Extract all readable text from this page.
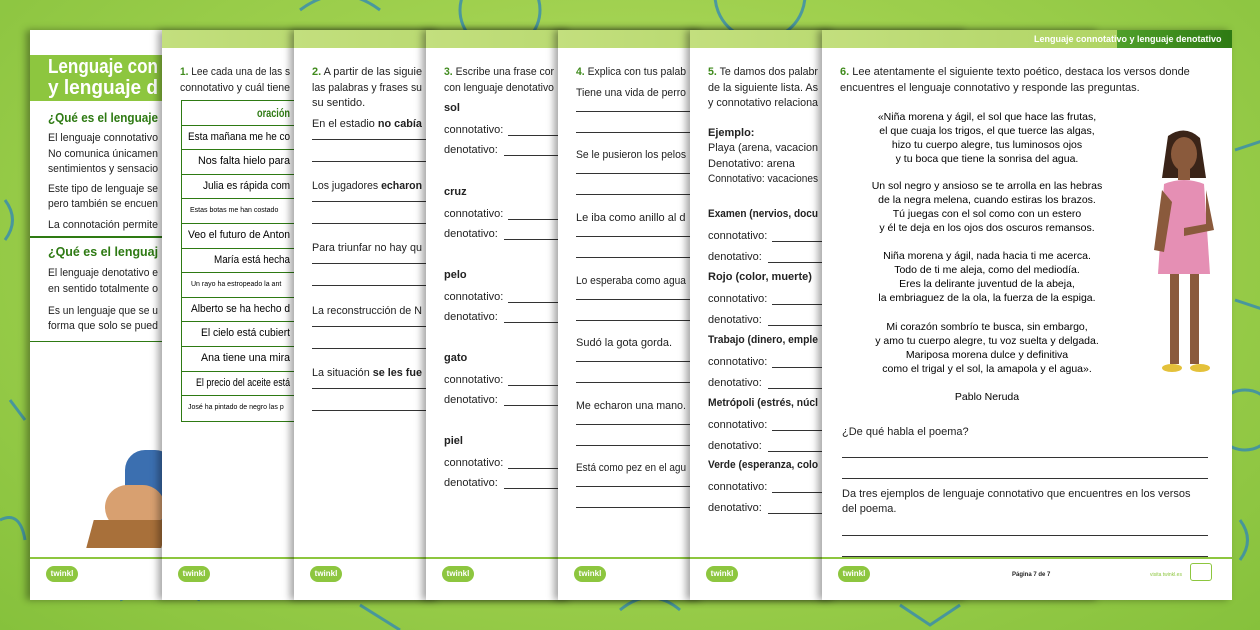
twinkl
Lenguaje con
y lenguaje d
¿Qué es el lenguaje
El lenguaje connotativo
No comunica únicamen
sentimientos y sensacio
Este tipo de lenguaje se
pero también se encuen
La connotación permite
¿Qué es el lenguaj
El lenguaje denotativo e
en sentido totalmente o
Es un lenguaje que se u
forma que solo se pued
twinkl
1. Lee cada una de las s
connotativo y cuál tiene
oración
Esta mañana me he co
Nos falta hielo para
Julia es rápida com
Estas botas me han costado
Veo el futuro de Anton
María está hecha
Un rayo ha estropeado la ant
Alberto se ha hecho d
El cielo está cubiert
Ana tiene una mira
El precio del aceite está
José ha pintado de negro las p
twinkl
2. A partir de las siguie
las palabras y frases su
su sentido.
En el estadio no cabía
Los jugadores echaron
Para triunfar no hay qu
La reconstrucción de N
La situación se les fue
twinkl
3. Escribe una frase cor
con lenguaje denotativo
sol
connotativo:
denotativo:
cruz
connotativo:
denotativo:
pelo
connotativo:
denotativo:
gato
connotativo:
denotativo:
piel
connotativo:
denotativo:
twinkl
4. Explica con tus palab
Tiene una vida de perro
Se le pusieron los pelos
Le iba como anillo al d
Lo esperaba como agua
Sudó la gota gorda.
Me echaron una mano.
Está como pez en el agu
twinkl
5. Te damos dos palabr
de la siguiente lista. As
y connotativo relaciona
Ejemplo:
Playa (arena, vacacion
Denotativo: arena
Connotativo: vacaciones
Examen (nervios, docu
connotativo:
denotativo:
Rojo (color, muerte)
connotativo:
denotativo:
Trabajo (dinero, emple
connotativo:
denotativo:
Metrópoli (estrés, núcl
connotativo:
denotativo:
Verde (esperanza, colo
connotativo:
denotativo:
twinkl
Lenguaje connotativo y lenguaje denotativo
6. Lee atentamente el siguiente texto poético, destaca los versos donde
encuentres el lenguaje connotativo y responde las preguntas.
«Niña morena y ágil, el sol que hace las frutas,
el que cuaja los trigos, el que tuerce las algas,
hizo tu cuerpo alegre, tus luminosos ojos
y tu boca que tiene la sonrisa del agua.
Un sol negro y ansioso se te arrolla en las hebras
de la negra melena, cuando estiras los brazos.
Tú juegas con el sol como con un estero
y él te deja en los ojos dos oscuros remansos.
Niña morena y ágil, nada hacia ti me acerca.
Todo de ti me aleja, como del mediodía.
Eres la delirante juventud de la abeja,
la embriaguez de la ola, la fuerza de la espiga.
Mi corazón sombrío te busca, sin embargo,
y amo tu cuerpo alegre, tu voz suelta y delgada.
Mariposa morena dulce y definitiva
como el trigal y el sol, la amapola y el agua».
Pablo Neruda
¿De qué habla el poema?
Da tres ejemplos de lenguaje connotativo que encuentres en los versos
del poema.
Página 7 de 7	visita twinkl.es
